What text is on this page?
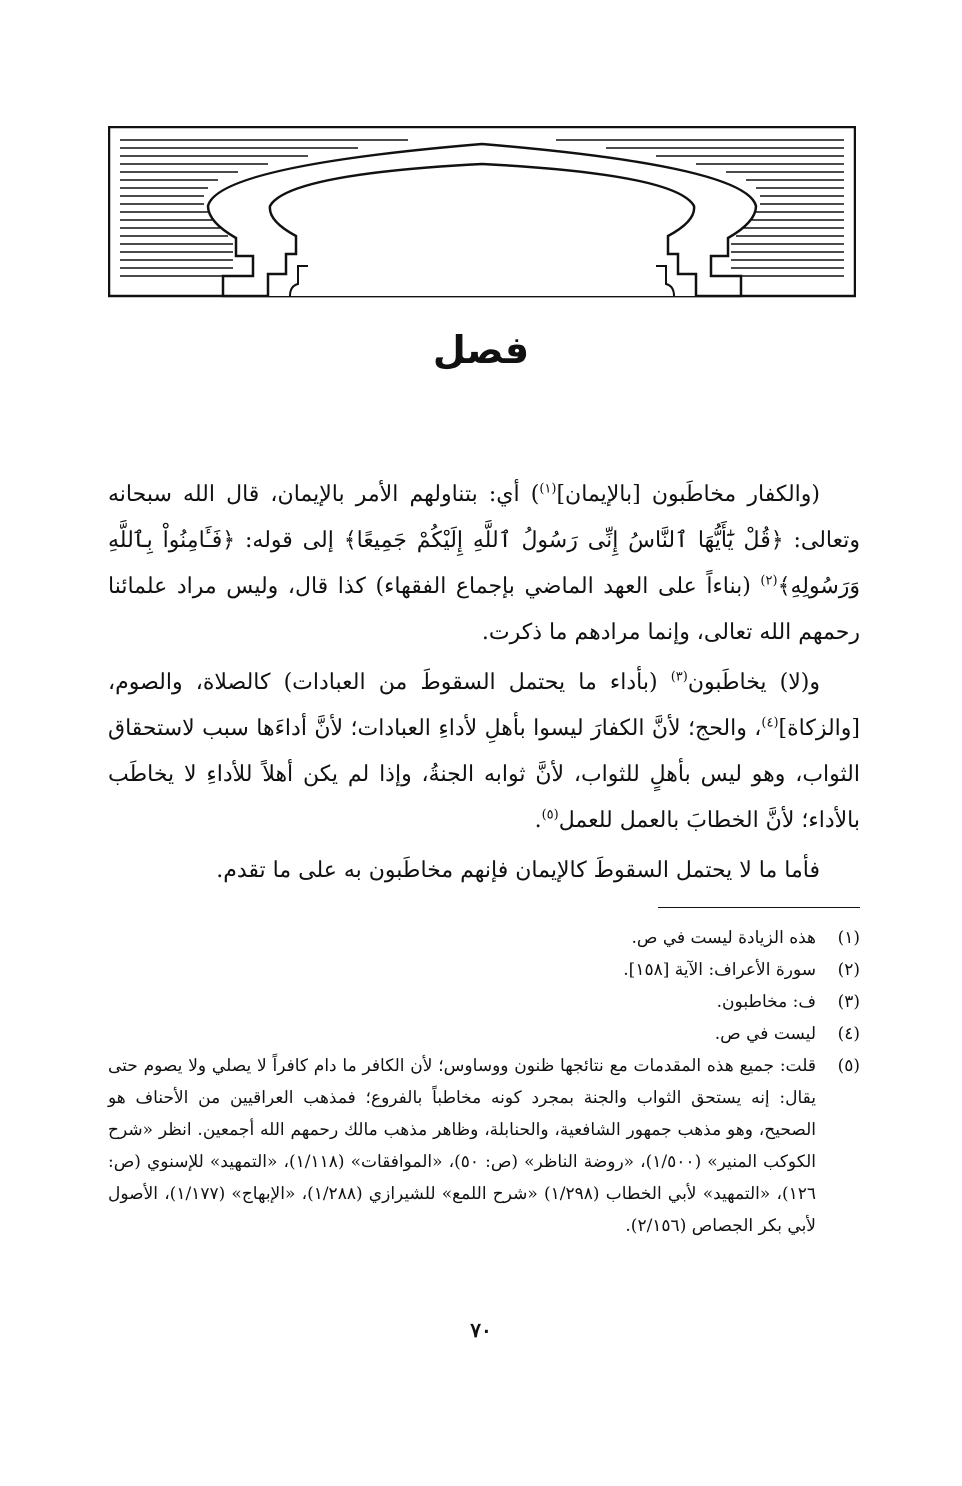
فصل

(والكفار مخاطَبون [بالإيمان]$^{(١)}$) أي: بتناولهم الأمر بالإيمان، قال الله سبحانه وتعالى: ﴿قُلْ يَٰٓأَيُّهَا ٱلنَّاسُ إِنِّى رَسُولُ ٱللَّهِ إِلَيْكُمْ جَمِيعًا﴾ إلى قوله: ﴿فَـَٔامِنُواْ بِٱللَّهِ وَرَسُولِهِ﴾$^{(٢)}$ (بناءاً على العهد الماضي بإجماع الفقهاء) كذا قال، وليس مراد علمائنا رحمهم الله تعالى، وإنما مرادهم ما ذكرت.

و(لا) يخاطَبون$^{(٣)}$ (بأداء ما يحتمل السقوطَ من العبادات) كالصلاة، والصوم، [والزكاة]$^{(٤)}$، والحج؛ لأنَّ الكفارَ ليسوا بأهلِ لأداءِ العبادات؛ لأنَّ أداءَها سبب لاستحقاق الثواب، وهو ليس بأهلٍ للثواب، لأنَّ ثوابه الجنةُ، وإذا لم يكن أهلاً للأداءِ لا يخاطَب بالأداء؛ لأنَّ الخطابَ بالعمل للعمل$^{(٥)}$.

فأما ما لا يحتمل السقوطَ كالإيمان فإنهم مخاطَبون به على ما تقدم.

(١)
هذه الزيادة ليست في ص.
(٢)
سورة الأعراف: الآية [١٥٨].
(٣)
ف: مخاطبون.
(٤)
ليست في ص.
(٥)
قلت: جميع هذه المقدمات مع نتائجها ظنون ووساوس؛ لأن الكافر ما دام كافراً لا يصلي ولا يصوم حتى يقال: إنه يستحق الثواب والجنة بمجرد كونه مخاطباً بالفروع؛ فمذهب العراقيين من الأحناف هو الصحيح، وهو مذهب جمهور الشافعية، والحنابلة، وظاهر مذهب مالك رحمهم الله أجمعين. انظر «شرح الكوكب المنير» (١/٥٠٠)، «روضة الناظر» (ص: ٥٠)، «الموافقات» (١/١١٨)، «التمهيد» للإسنوي (ص: ١٢٦)، «التمهيد» لأبي الخطاب (١/٢٩٨) «شرح اللمع» للشيرازي (١/٢٨٨)، «الإبهاج» (١/١٧٧)، الأصول لأبي بكر الجصاص (٢/١٥٦).
٧٠
